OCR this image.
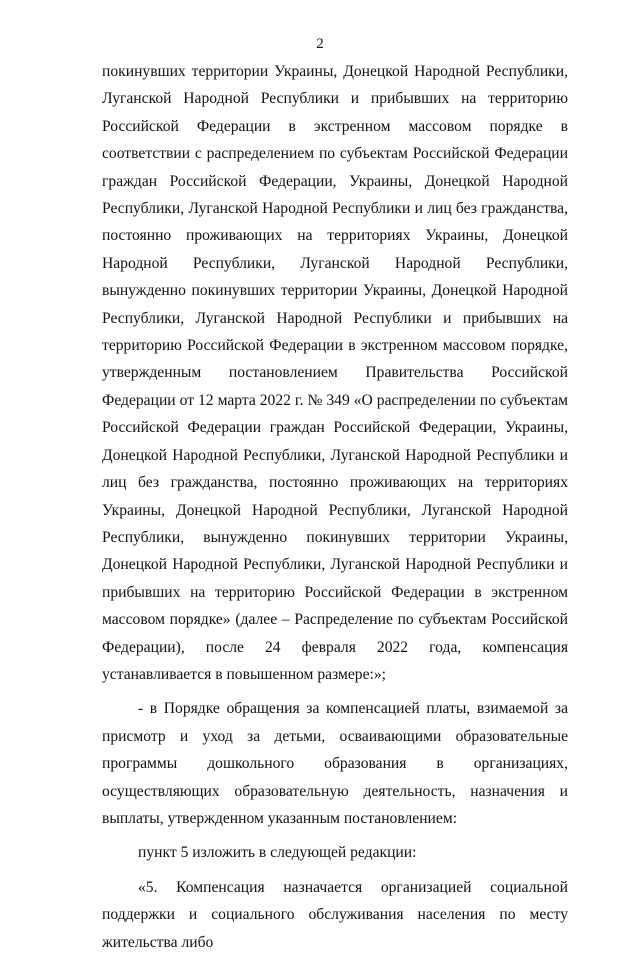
2

покинувших территории Украины, Донецкой Народной Республики, Луганской Народной Республики и прибывших на территорию Российской Федерации в экстренном массовом порядке в соответствии с распределением по субъектам Российской Федерации граждан Российской Федерации, Украины, Донецкой Народной Республики, Луганской Народной Республики и лиц без гражданства, постоянно проживающих на территориях Украины, Донецкой Народной Республики, Луганской Народной Республики, вынужденно покинувших территории Украины, Донецкой Народной Республики, Луганской Народной Республики и прибывших на территорию Российской Федерации в экстренном массовом порядке, утвержденным постановлением Правительства Российской Федерации от 12 марта 2022 г. № 349 «О распределении по субъектам Российской Федерации граждан Российской Федерации, Украины, Донецкой Народной Республики, Луганской Народной Республики и лиц без гражданства, постоянно проживающих на территориях Украины, Донецкой Народной Республики, Луганской Народной Республики, вынужденно покинувших территории Украины, Донецкой Народной Республики, Луганской Народной Республики и прибывших на территорию Российской Федерации в экстренном массовом порядке» (далее – Распределение по субъектам Российской Федерации), после 24 февраля 2022 года, компенсация устанавливается в повышенном размере:»;

- в Порядке обращения за компенсацией платы, взимаемой за присмотр и уход за детьми, осваивающими образовательные программы дошкольного образования в организациях, осуществляющих образовательную деятельность, назначения и выплаты, утвержденном указанным постановлением:

пункт 5 изложить в следующей редакции:

«5. Компенсация назначается организацией социальной поддержки и социального обслуживания населения по месту жительства либо
